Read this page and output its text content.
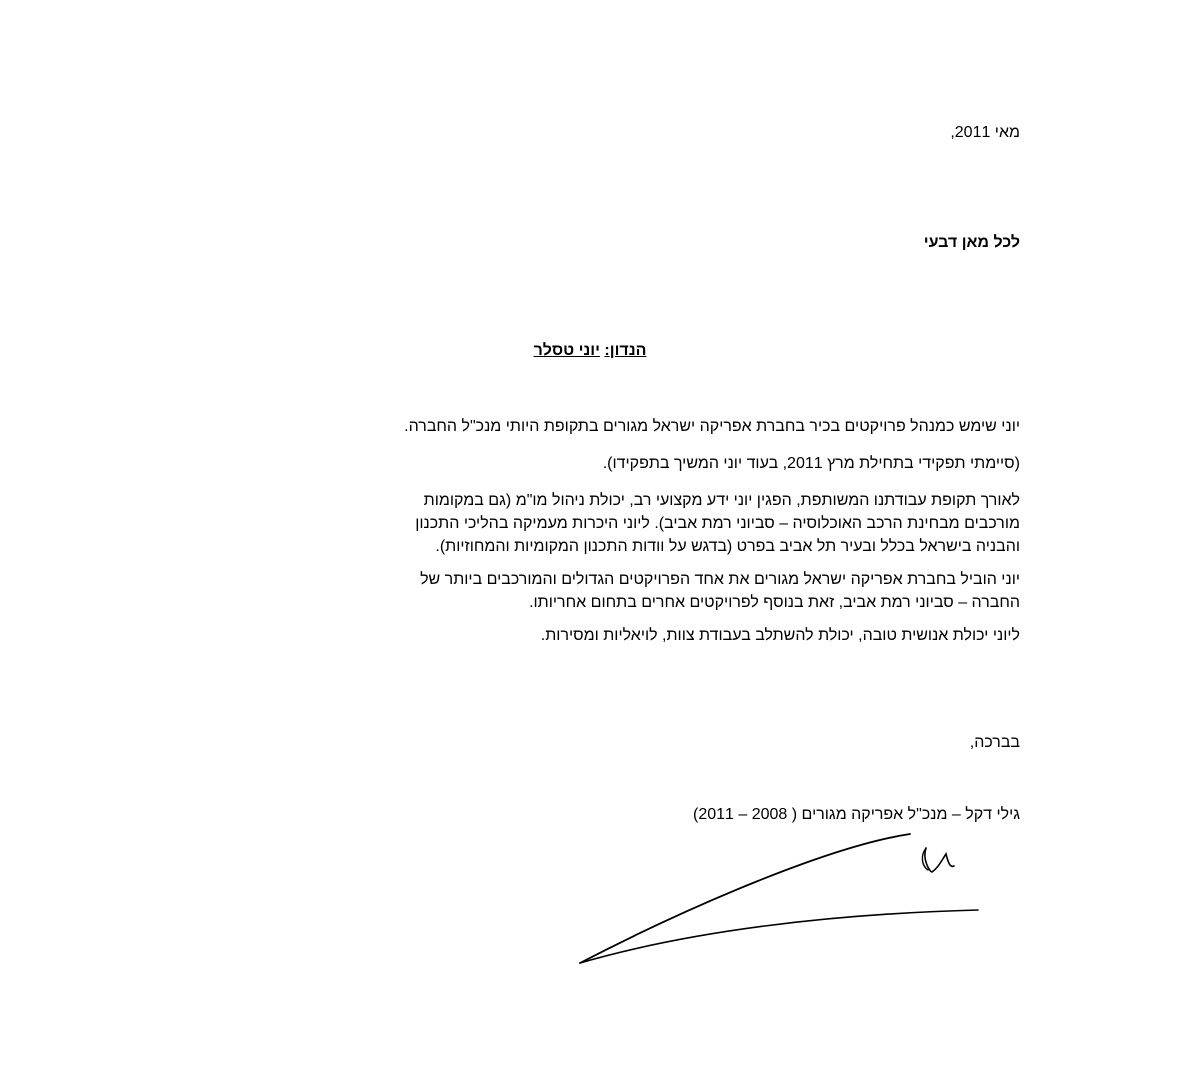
מאי 2011,
לכל מאן דבעי
הנדון: יוני טסלר
יוני שימש כמנהל פרויקטים בכיר בחברת אפריקה ישראל מגורים בתקופת היותי מנכ"ל החברה.
(סיימתי תפקידי בתחילת מרץ 2011, בעוד יוני המשיך בתפקידו).
לאורך תקופת עבודתנו המשותפת, הפגין יוני ידע מקצועי רב, יכולת ניהול מו"מ (גם במקומות
מורכבים מבחינת הרכב האוכלוסיה – סביוני רמת אביב). ליוני היכרות מעמיקה בהליכי התכנון
והבניה בישראל בכלל ובעיר תל אביב בפרט (בדגש על וודות התכנון המקומיות והמחוזיות).
יוני הוביל בחברת אפריקה ישראל מגורים את אחד הפרויקטים הגדולים והמורכבים ביותר של
החברה – סביוני רמת אביב, זאת בנוסף לפרויקטים אחרים בתחום אחריותו.
ליוני יכולת אנושית טובה, יכולת להשתלב בעבודת צוות, לויאליות ומסירות.
בברכה,
גילי דקל – מנכ"ל אפריקה מגורים ( 2008 – 2011)
